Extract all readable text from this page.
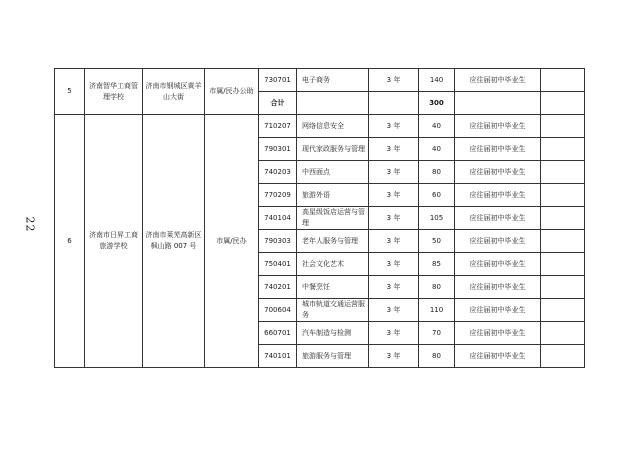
22
5	济南智华工商管理学校	济南市钢城区黄羊山大街	市属/民办公助	730701	电子商务	3 年	140	应往届初中毕业生	
				合计			300		
6	济南市日昇工商旅游学校	济南市莱芜高新区枫山路 007 号	市属/民办	710207	网络信息安全	3 年	40	应往届初中毕业生	
				790301	现代家政服务与管理	3 年	40	应往届初中毕业生	
				740203	中西面点	3 年	80	应往届初中毕业生	
				770209	旅游外语	3 年	60	应往届初中毕业生	
				740104	高星级饭店运营与管理	3 年	105	应往届初中毕业生	
				790303	老年人服务与管理	3 年	50	应往届初中毕业生	
				750401	社会文化艺术	3 年	85	应往届初中毕业生	
				740201	中餐烹饪	3 年	80	应往届初中毕业生	
				700604	城市轨道交通运营服务	3 年	110	应往届初中毕业生	
				660701	汽车制造与检测	3 年	70	应往届初中毕业生	
				740101	旅游服务与管理	3 年	80	应往届初中毕业生	
